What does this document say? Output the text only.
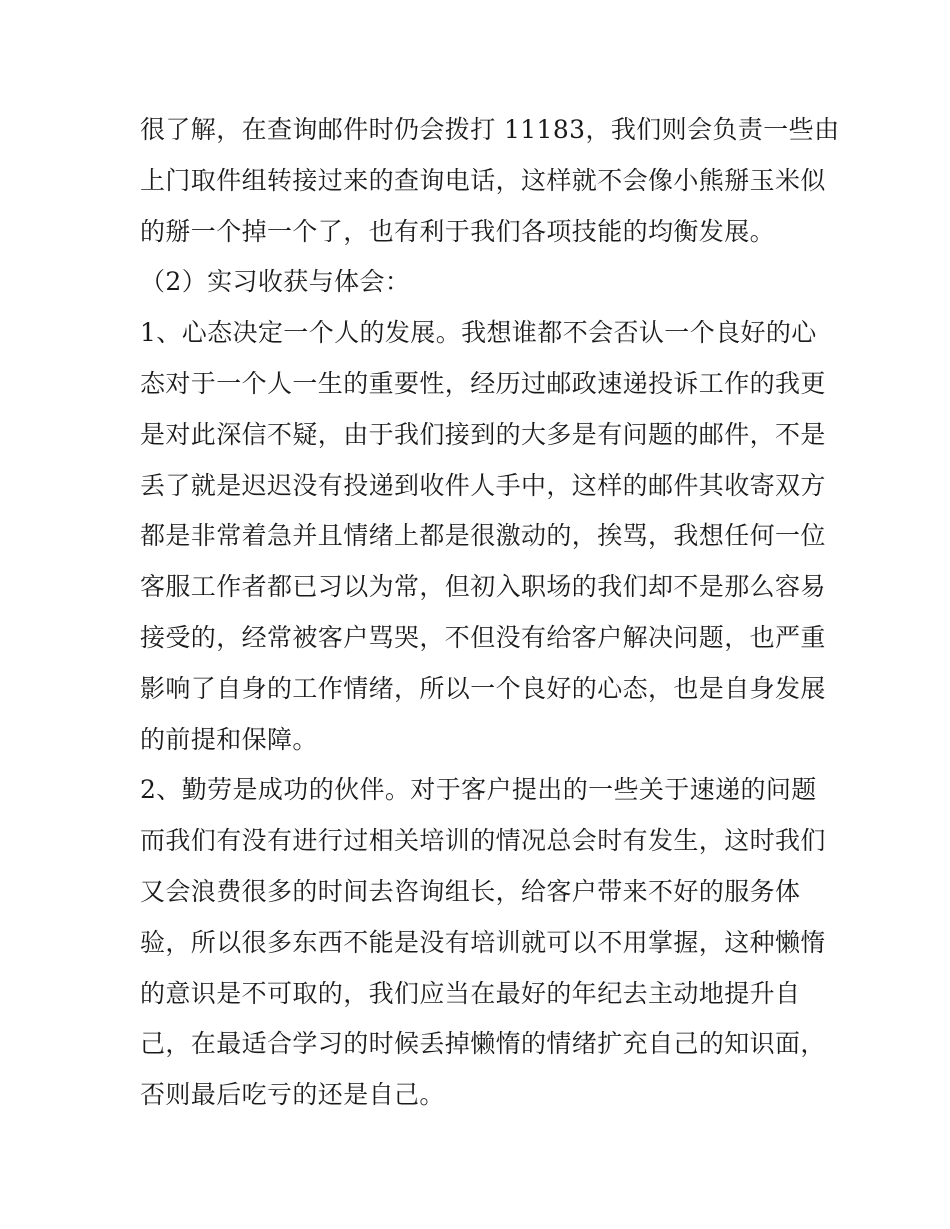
很了解，在查询邮件时仍会拨打 11183，我们则会负责一些由
上门取件组转接过来的查询电话，这样就不会像小熊掰玉米似
的掰一个掉一个了，也有利于我们各项技能的均衡发展。
（2）实习收获与体会：
1、心态决定一个人的发展。我想谁都不会否认一个良好的心
态对于一个人一生的重要性，经历过邮政速递投诉工作的我更
是对此深信不疑，由于我们接到的大多是有问题的邮件，不是
丢了就是迟迟没有投递到收件人手中，这样的邮件其收寄双方
都是非常着急并且情绪上都是很激动的，挨骂，我想任何一位
客服工作者都已习以为常，但初入职场的我们却不是那么容易
接受的，经常被客户骂哭，不但没有给客户解决问题，也严重
影响了自身的工作情绪，所以一个良好的心态，也是自身发展
的前提和保障。
2、勤劳是成功的伙伴。对于客户提出的一些关于速递的问题
而我们有没有进行过相关培训的情况总会时有发生，这时我们
又会浪费很多的时间去咨询组长，给客户带来不好的服务体
验，所以很多东西不能是没有培训就可以不用掌握，这种懒惰
的意识是不可取的，我们应当在最好的年纪去主动地提升自
己，在最适合学习的时候丢掉懒惰的情绪扩充自己的知识面，
否则最后吃亏的还是自己。
